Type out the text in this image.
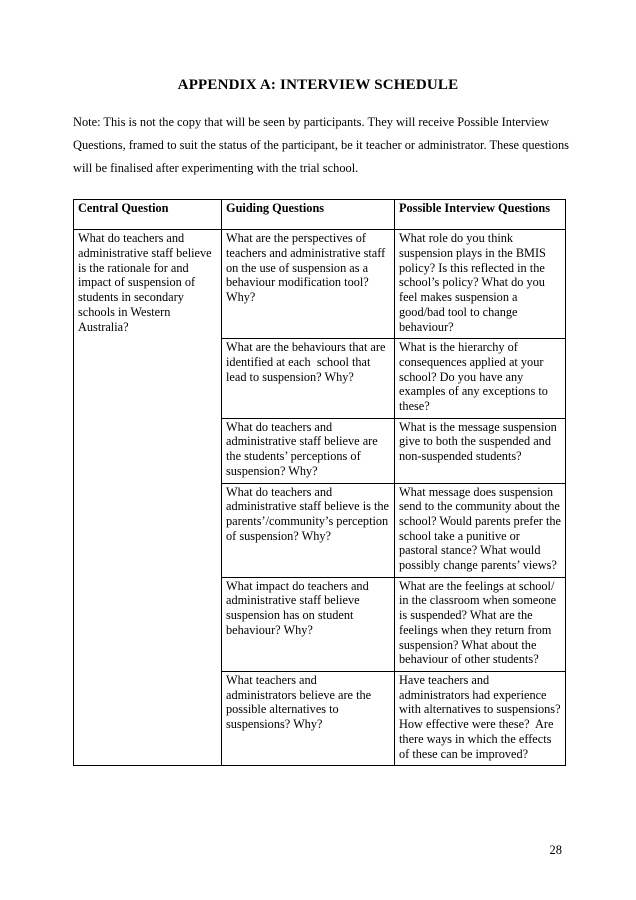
APPENDIX A: INTERVIEW SCHEDULE

Note: This is not the copy that will be seen by participants. They will receive Possible Interview Questions, framed to suit the status of the participant, be it teacher or administrator. These questions will be finalised after experimenting with the trial school.

Central Question	Guiding Questions	Possible Interview Questions
What do teachers and administrative staff believe is the rationale for and impact of suspension of students in secondary schools in Western Australia?	What are the perspectives of teachers and administrative staff on the use of suspension as a behaviour modification tool? Why?	What role do you think suspension plays in the BMIS policy? Is this reflected in the school’s policy? What do you feel makes suspension a good/bad tool to change behaviour?
	What are the behaviours that are identified at each  school that lead to suspension? Why?	What is the hierarchy of consequences applied at your school? Do you have any examples of any exceptions to these?
	What do teachers and administrative staff believe are the students’ perceptions of suspension? Why?	What is the message suspension give to both the suspended and non-suspended students?
	What do teachers and administrative staff believe is the parents’/community’s perception of suspension? Why?	What message does suspension send to the community about the school? Would parents prefer the school take a punitive or pastoral stance? What would possibly change parents’ views?
	What impact do teachers and administrative staff believe suspension has on student behaviour? Why?	What are the feelings at school/ in the classroom when someone is suspended? What are the feelings when they return from suspension? What about the behaviour of other students?
	What teachers and administrators believe are the possible alternatives to suspensions? Why?	Have teachers and administrators had experience with alternatives to suspensions? How effective were these?  Are there ways in which the effects of these can be improved?
28
